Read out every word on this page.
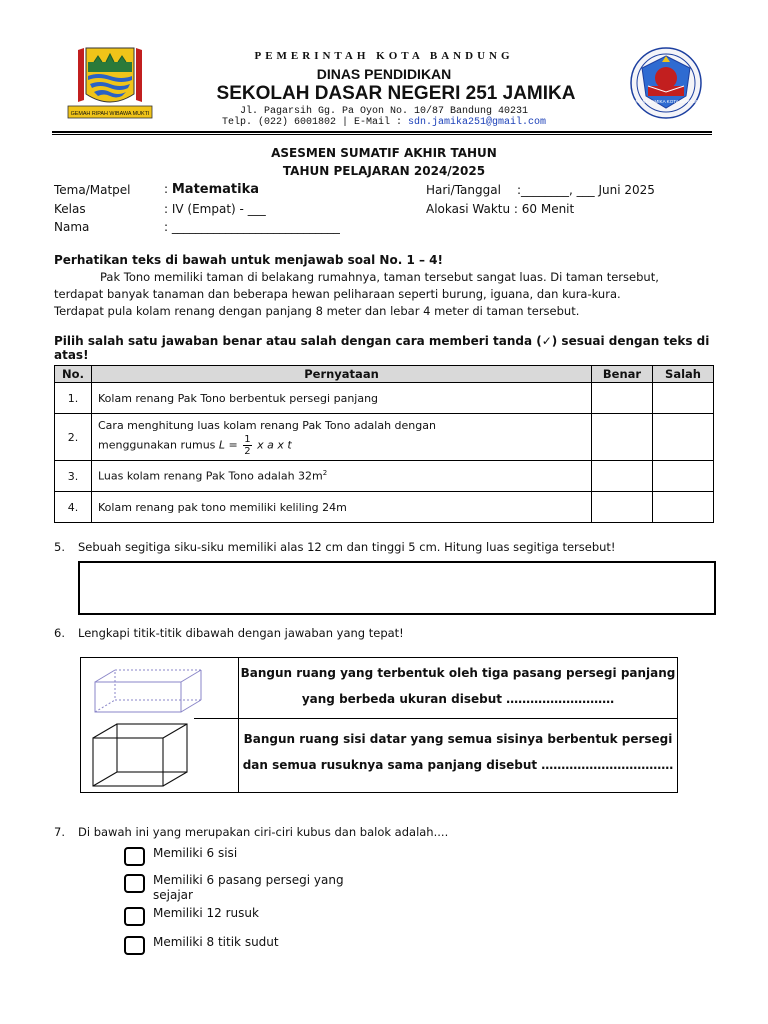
GEMAH RIPAH WIBAWA MUKTI
SDN 251 JAMIKA KOTA BANDUNG
PEMERINTAH KOTA BANDUNG
DINAS PENDIDIKAN
SEKOLAH DASAR NEGERI 251 JAMIKA
Jl. Pagarsih Gg. Pa Oyon No. 10/87 Bandung 40231
Telp. (022) 6001802 | E-Mail : sdn.jamika251@gmail.com
ASESMEN SUMATIF AKHIR TAHUN
TAHUN PELAJARAN 2024/2025
Tema/Matpel	: Matematika
Kelas	: IV (Empat) - ___
Nama	: ____________________________
Hari/Tanggal :________, ___ Juni 2025
Alokasi Waktu : 60 Menit
Perhatikan teks di bawah untuk menjawab soal No. 1 – 4!
Pak Tono memiliki taman di belakang rumahnya, taman tersebut sangat luas. Di taman tersebut,
terdapat banyak tanaman dan beberapa hewan peliharaan seperti burung, iguana, dan kura-kura.
Terdapat pula kolam renang dengan panjang 8 meter dan lebar 4 meter di taman tersebut.
Pilih salah satu jawaban benar atau salah dengan cara memberi tanda (✓) sesuai dengan teks di atas!
No.	Pernyataan	Benar	Salah
1.	Kolam renang Pak Tono berbentuk persegi panjang		
2.	Cara menghitung luas kolam renang Pak Tono adalah dengan
menggunakan rumus $L = \frac{1}{2}$ x a x t		

3.	Luas kolam renang Pak Tono adalah $32m^2$		
4.	Kolam renang pak tono memiliki keliling 24m		
5. Sebuah segitiga siku-siku memiliki alas 12 cm dan tinggi 5 cm. Hitung luas segitiga tersebut!
6. Lengkapi titik-titik dibawah dengan jawaban yang tepat!
Bangun ruang yang terbentuk oleh tiga pasang persegi panjang
yang berbeda ukuran disebut ………………………
Bangun ruang sisi datar yang semua sisinya berbentuk persegi
dan semua rusuknya sama panjang disebut ……………………………
7. Di bawah ini yang merupakan ciri-ciri kubus dan balok adalah....
Memiliki 6 sisi
Memiliki 6 pasang persegi yang sejajar
Memiliki 12 rusuk
Memiliki 8 titik sudut
